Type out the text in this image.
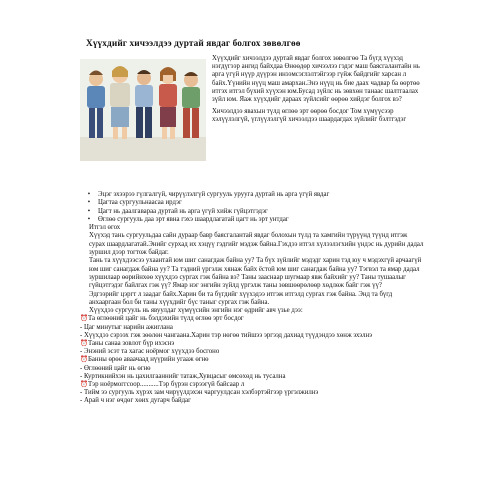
Хүүхдийг хичээлдээ дуртай явдаг болгох зөвөлгөө

Хүүхдийг хичээлдээ дуртай явдаг болгох зөвөлгөө Та бүгд хүүхэд нэгдүгээр ангид байхдаа Өнөөдөр хичээлээ гэдэг маш баясгалантайн нь арга үгүй нүүр дүүрэн инээмсэглэлтэйгээр гүйж байдгийг харсан л байх.Үүнийн нүүц маш амархан.Энэ нүүц нь бие даах чадвар ба өөртөө итгэх итгэл бүхий хүүхэн юм.Бусад зүйлс нь зөвхөн танаас шалтгаалах зүйл юм. Яаж хүүхдийг дараах зүйлсийг өөрөө хийдэг болгох вэ?

Хичээлдээ явахын түлд өглөө эрт өөрөө босдог Том хүмүүсээр хэлүүлэлгүй, үглүүлэлгүй хичээлдээ шаардагдах зүйлийг бэлтгэдэг

•	Эцэг эхээрээ гүлгалгүй, чирүүлэлгүй сургууль урууга дуртай нь арга үгүй явдаг
•	Цагтаа сургуульнаасаа ирдэг
•	Цагт нь даалгавараа дуртай нь арга үгүй хийж гүйцэтгэдэг
•	Өглөө сургууль даа эрт явна гэхэ шаардлагатай цагт нь эрт унтдаг

Итгэл өгох

Хүүхэд тань сургуульдаа сайн дураар бавр баясгалантай явдаг болохын түлд та хамгийн түрүүнд түүнд итгэж сурах шаардлагатай.Энийг сурхад их хэцүү гэдгийг мэдэж байна.Гэхдээ итгэл хүлээлэгхийн үндэс нь дурийн дадал зуршил дээр тогтож байдаг.

Тань та хүүхдээсээ ухаантай юм шиг санагдаж байна уу? Та бүх зүйлийг мэдэдг харин тэд юу ч мэдэхгүй арчаагүй юм шиг санагдаж байна уу? Та тэдний үргэлж хянаж байх ёстой юм шиг санагдаж байна уу? Тэгвэл та ямар дадал зуршилаар өөрийнхөө хүүхдээ сургах гэж байна вэ? Таны зааснаар шугмаар явж байхийг уу? Таны тушаалыг гүйцэтгэдэг байлгах гэж үү? Ямар нэг энгийн зүйлд үргэлж таны зөвшөөрөлөөр хөдлөж байг гэж үү?

Эдгээрийг цэргт л заадаг байх.Харин би та бүгдийг хүүхэдээ итгэж итгэлд сургах гэж байна. Энд та бүгд анхааргаан бол би таны хүүхдийг бүс таныг сургах гэж байна.

Хүүхдээ сургууль нь явуулдаг хүмүүсийн энгийн нэг өдрийг авч үзье дээ:

⏰Та өглөөний цайг нь бэлдэхийн түлд өглөө эрт босдог
- Цаг минутыг нарийн ажиглана
- Хүүхдээ сэрээх гэж зөөлөн чангаана.Харин тэр нөгөө тийшээ эргээд дахиад түүдэндээ хөнж эхэлнэ
⏰Таны санаа зовлот бүр ихэснэ
- Энэний эсэт та хагас ноёрмог хүүхдээ босгоно
⏰Банны өрөө аваачаад нүүрийн угааж өгнө
- Өглөөний цайг нь өгнө
- Куртикнийхэн нь цахилгааннийг татаж,Хувцасыг өмсөхөд нь тусална
⏰Тэр ноёрмоггсоор...........Тэр бүрэн сэрээгүй байсаар л
- Тийм ээ сургууль хүрэх зам чирүүлдэхэн чаргуулдсан хэлбэртэйгээр үргэлжилнэ
- Арай ч нэг өчдөг хөих дугарч байдаг
